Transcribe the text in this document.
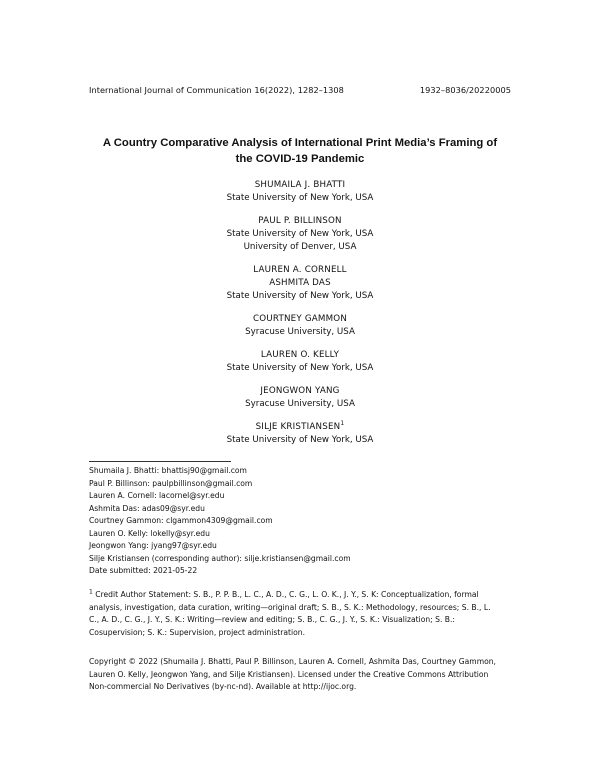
International Journal of Communication 16(2022), 1282–1308	1932–8036/20220005
A Country Comparative Analysis of International Print Media’s Framing of
the COVID-19 Pandemic
SHUMAILA J. BHATTI
State University of New York, USA
PAUL P. BILLINSON
State University of New York, USA
University of Denver, USA
LAUREN A. CORNELL
ASHMITA DAS
State University of New York, USA
COURTNEY GAMMON
Syracuse University, USA
LAUREN O. KELLY
State University of New York, USA
JEONGWON YANG
Syracuse University, USA
SILJE KRISTIANSEN$^1$
State University of New York, USA
Shumaila J. Bhatti: bhattisj90@gmail.com
Paul P. Billinson: paulpbillinson@gmail.com
Lauren A. Cornell: lacornel@syr.edu
Ashmita Das: adas09@syr.edu
Courtney Gammon: clgammon4309@gmail.com
Lauren O. Kelly: lokelly@syr.edu
Jeongwon Yang: jyang97@syr.edu
Silje Kristiansen (corresponding author): silje.kristiansen@gmail.com
Date submitted: 2021-05-22
$^1$ Credit Author Statement: S. B., P. P. B., L. C., A. D., C. G., L. O. K., J. Y., S. K: Conceptualization, formal
analysis, investigation, data curation, writing—original draft; S. B., S. K.: Methodology, resources; S. B., L.
C., A. D., C. G., J. Y., S. K.: Writing—review and editing; S. B., C. G., J. Y., S. K.: Visualization; S. B.:
Cosupervision; S. K.: Supervision, project administration.
Copyright © 2022 (Shumaila J. Bhatti, Paul P. Billinson, Lauren A. Cornell, Ashmita Das, Courtney Gammon,
Lauren O. Kelly, Jeongwon Yang, and Silje Kristiansen). Licensed under the Creative Commons Attribution
Non-commercial No Derivatives (by-nc-nd). Available at http://ijoc.org.
